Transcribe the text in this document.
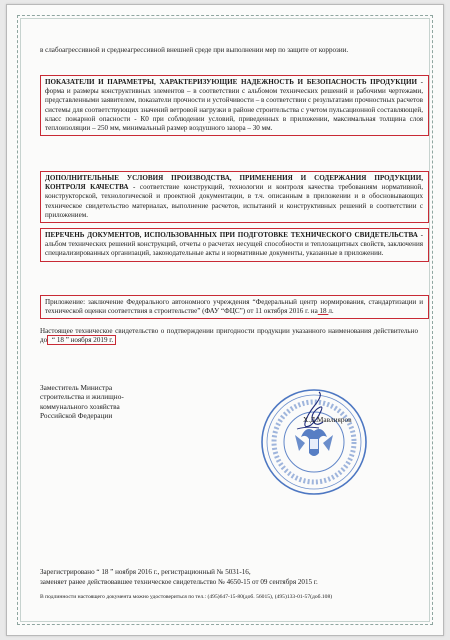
в слабоагрессивной и среднеагрессивной внешней среде при выполнении мер по защите от коррозии.
ПОКАЗАТЕЛИ И ПАРАМЕТРЫ, ХАРАКТЕРИЗУЮЩИЕ НАДЕЖНОСТЬ И БЕЗОПАСНОСТЬ ПРОДУКЦИИ - форма и размеры конструктивных элементов – в соответствии с альбомом технических решений и рабочими чертежами, представленными заявителем, показатели прочности и устойчивости – в соответствии с результатами прочностных расчетов системы для соответствующих значений ветровой нагрузки в районе строительства с учетом пульсационной составляющей, класс пожарной опасности - К0 при соблюдении условий, приведенных в приложении, максимальная толщина слоя теплоизоляции – 250 мм, минимальный размер воздушного зазора – 30 мм.
ДОПОЛНИТЕЛЬНЫЕ УСЛОВИЯ ПРОИЗВОДСТВА, ПРИМЕНЕНИЯ И СОДЕРЖАНИЯ ПРОДУКЦИИ, КОНТРОЛЯ КАЧЕСТВА - соответствие конструкций, технологии и контроля качества требованиям нормативной, конструкторской, технологической и проектной документации, в т.ч. описанным в приложении и в обосновывающих техническое свидетельство материалах, выполнение расчетов, испытаний и конструктивных решений в соответствии с приложением.
ПЕРЕЧЕНЬ ДОКУМЕНТОВ, ИСПОЛЬЗОВАННЫХ ПРИ ПОДГОТОВКЕ ТЕХНИЧЕСКОГО СВИДЕТЕЛЬСТВА - альбом технических решений конструкций, отчеты о расчетах несущей способности и теплозащитных свойств, заключения специализированных организаций, законодательные акты и нормативные документы, указанные в приложении.
Приложение: заключение Федерального автономного учреждения “Федеральный центр нормирования, стандартизации и технической оценки соответствия в строительстве” (ФАУ “ФЦС”) от 11 октября 2016 г. на 18 л.
Настоящее техническое свидетельство о подтверждении пригодности продукции указанного наименования действительно до “ 18 ” ноября 2019 г.
Заместитель Министра
строительства и жилищно-
коммунального хозяйства
Российской Федерации	Х.Д.Мавлияров
Зарегистрировано “ 18 ” ноября 2016 г., регистрационный № 5031-16,
заменяет ранее действовавшее техническое свидетельство № 4650-15 от 09 сентября 2015 г.
В подлинности настоящего документа можно удостовериться по тел.: (495)647-15-80(доб. 56015), (495)133-01-57(доб.108)
